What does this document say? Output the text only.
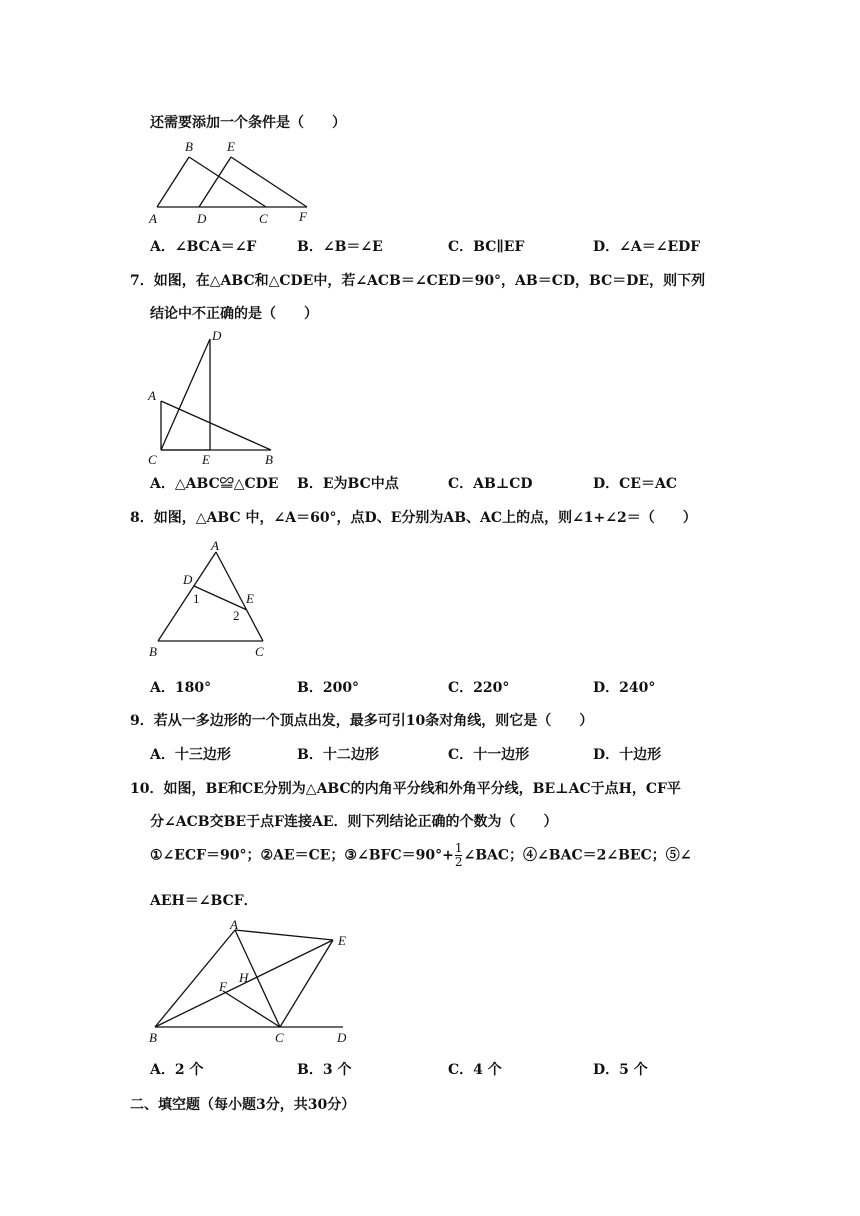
还需要添加一个条件是（　　）
A
B
D
E
C F
A．∠BCA＝∠F	B．∠B＝∠E	C．BC∥EF	D．∠A＝∠EDF
7．如图，在△ABC和△CDE中，若∠ACB＝∠CED＝90°，AB＝CD，BC＝DE，则下列
结论中不正确的是（　　）
D
A
C	E	B
A．△ABC≌△CDE B．E为BC中点	C．AB⊥CD	D．CE＝AC
8．如图，△ABC 中，∠A＝60°，点D、E分别为AB、AC上的点，则∠1+∠2＝（　　）
A
D
1	E
2
B	C
A．180°	B．200°	C．220°	D．240°
9．若从一多边形的一个顶点出发，最多可引10条对角线，则它是（　　）
A．十三边形	B．十二边形	C．十一边形	D．十边形
10．如图，BE和CE分别为△ABC的内角平分线和外角平分线，BE⊥AC于点H，CF平
分∠ACB交BE于点F连接AE．则下列结论正确的个数为（　　）
①∠ECF＝90°；②AE＝CE；③∠BFC＝90°+ $\frac{1}{2}$ ∠BAC；④∠BAC＝2∠BEC；⑤∠
AEH＝∠BCF．
A
E
H
F
B	C	D
A．2 个	B．3 个	C．4 个	D．5 个
二、填空题（每小题3分，共30分）
